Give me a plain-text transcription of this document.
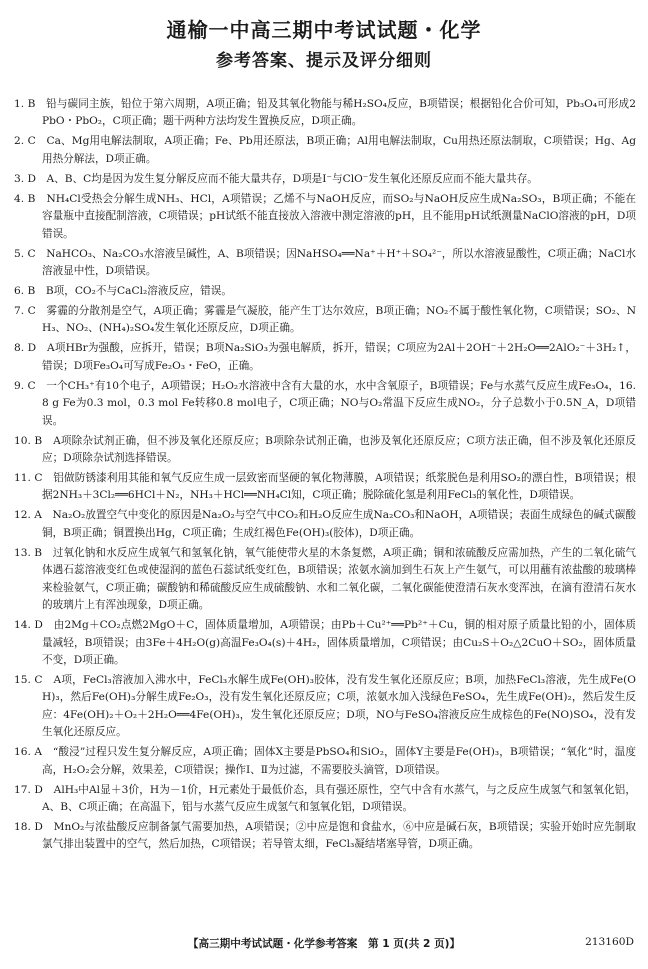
通榆一中高三期中考试试题・化学
参考答案、提示及评分细则
1. B　铅与碳同主族，铅位于第六周期，A项正确；铅及其氧化物能与稀H₂SO₄反应，B项错误；根据铅化合价可知，Pb₃O₄可形成2PbO・PbO₂，C项正确；题干两种方法均发生置换反应，D项正确。
2. C　Ca、Mg用电解法制取，A项正确；Fe、Pb用还原法，B项正确；Al用电解法制取，Cu用热还原法制取，C项错误；Hg、Ag用热分解法，D项正确。
3. D　A、B、C均是因为发生复分解反应而不能大量共存，D项是I⁻与ClO⁻发生氧化还原反应而不能大量共存。
4. B　NH₄Cl受热会分解生成NH₃、HCl，A项错误；乙烯不与NaOH反应，而SO₂与NaOH反应生成Na₂SO₃，B项正确；不能在容量瓶中直接配制溶液，C项错误；pH试纸不能直接放入溶液中测定溶液的pH，且不能用pH试纸测量NaClO溶液的pH，D项错误。
5. C　NaHCO₃、Na₂CO₃水溶液呈碱性，A、B项错误；因NaHSO₄══Na⁺＋H⁺＋SO₄²⁻，所以水溶液显酸性，C项正确；NaCl水溶液显中性，D项错误。
6. B　B项，CO₂不与CaCl₂溶液反应，错误。
7. C　雾霾的分散剂是空气，A项正确；雾霾是气凝胶，能产生丁达尔效应，B项正确；NO₂不属于酸性氧化物，C项错误；SO₂、NH₃、NO₂、(NH₄)₂SO₄发生氧化还原反应，D项正确。
8. D　A项HBr为强酸，应拆开，错误；B项Na₂SiO₃为强电解质，拆开，错误；C项应为2Al＋2OH⁻＋2H₂O══2AlO₂⁻＋3H₂↑，错误；D项Fe₃O₄可写成Fe₂O₃・FeO，正确。
9. C　一个CH₃⁺有10个电子，A项错误；H₂O₂水溶液中含有大量的水，水中含氧原子，B项错误；Fe与水蒸气反应生成Fe₃O₄，16.8 g Fe为0.3 mol，0.3 mol Fe转移0.8 mol电子，C项正确；NO与O₂常温下反应生成NO₂，分子总数小于0.5N_A，D项错误。
10. B　A项除杂试剂正确，但不涉及氧化还原反应；B项除杂试剂正确，也涉及氧化还原反应；C项方法正确，但不涉及氧化还原反应；D项除杂试剂选择错误。
11. C　铝做防锈漆利用其能和氧气反应生成一层致密而坚硬的氧化物薄膜，A项错误；纸浆脱色是利用SO₂的漂白性，B项错误；根据2NH₃＋3Cl₂══6HCl＋N₂，NH₃＋HCl══NH₄Cl知，C项正确；脱除硫化氢是利用FeCl₃的氧化性，D项错误。
12. A　Na₂O₂放置空气中变化的原因是Na₂O₂与空气中CO₂和H₂O反应生成Na₂CO₃和NaOH，A项错误；表面生成绿色的碱式碳酸铜，B项正确；铜置换出Hg，C项正确；生成红褐色Fe(OH)₃(胶体)，D项正确。
13. B　过氧化钠和水反应生成氧气和氢氧化钠，氧气能使带火星的木条复燃，A项正确；铜和浓硫酸反应需加热，产生的二氧化硫气体遇石蕊溶液变红色或使湿润的蓝色石蕊试纸变红色，B项错误；浓氨水滴加到生石灰上产生氨气，可以用蘸有浓盐酸的玻璃棒来检验氨气，C项正确；碳酸钠和稀硫酸反应生成硫酸钠、水和二氧化碳，二氧化碳能使澄清石灰水变浑浊，在滴有澄清石灰水的玻璃片上有浑浊现象，D项正确。
14. D　由2Mg＋CO₂点燃2MgO＋C，固体质量增加，A项错误；由Pb＋Cu²⁺══Pb²⁺＋Cu，铜的相对原子质量比铅的小，固体质量减轻，B项错误；由3Fe＋4H₂O(g)高温Fe₃O₄(s)＋4H₂，固体质量增加，C项错误；由Cu₂S＋O₂△2CuO＋SO₂，固体质量不变，D项正确。
15. C　A项，FeCl₃溶液加入沸水中，FeCl₃水解生成Fe(OH)₃胶体，没有发生氧化还原反应；B项，加热FeCl₃溶液，先生成Fe(OH)₃，然后Fe(OH)₃分解生成Fe₂O₃，没有发生氧化还原反应；C项，浓氨水加入浅绿色FeSO₄，先生成Fe(OH)₂，然后发生反应：4Fe(OH)₂＋O₂＋2H₂O══4Fe(OH)₃，发生氧化还原反应；D项，NO与FeSO₄溶液反应生成棕色的Fe(NO)SO₄，没有发生氧化还原反应。
16. A　“酸浸”过程只发生复分解反应，A项正确；固体X主要是PbSO₄和SiO₂，固体Y主要是Fe(OH)₃，B项错误；“氧化”时，温度高，H₂O₂会分解，效果差，C项错误；操作Ⅰ、Ⅱ为过滤，不需要胶头滴管，D项错误。
17. D　AlH₃中Al显＋3价，H为－1价，H元素处于最低价态，具有强还原性，空气中含有水蒸气，与之反应生成氢气和氢氧化铝，A、B、C项正确；在高温下，铝与水蒸气反应生成氢气和氢氧化铝，D项错误。
18. D　MnO₂与浓盐酸反应制备氯气需要加热，A项错误；②中应是饱和食盐水，⑥中应是碱石灰，B项错误；实验开始时应先制取氯气排出装置中的空气，然后加热，C项错误；若导管太细，FeCl₃凝结堵塞导管，D项正确。
【高三期中考试试题・化学参考答案　第 1 页(共 2 页)】	213160D
